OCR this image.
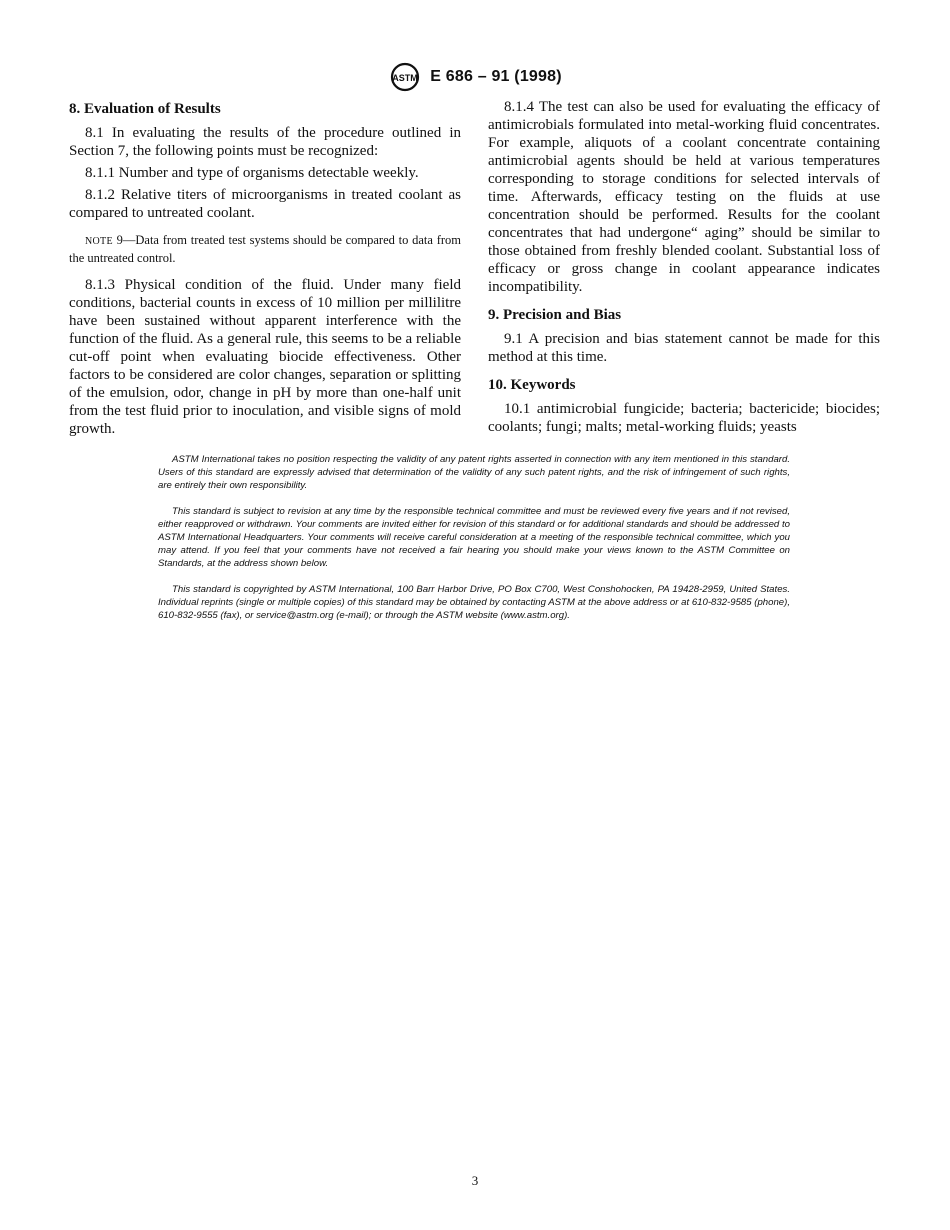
ASTM E 686 – 91 (1998)
8. Evaluation of Results

8.1 In evaluating the results of the procedure outlined in Section 7, the following points must be recognized:

8.1.1 Number and type of organisms detectable weekly.

8.1.2 Relative titers of microorganisms in treated coolant as compared to untreated coolant.

NOTE 9—Data from treated test systems should be compared to data from the untreated control.

8.1.3 Physical condition of the fluid. Under many field conditions, bacterial counts in excess of 10 million per millilitre have been sustained without apparent interference with the function of the fluid. As a general rule, this seems to be a reliable cut-off point when evaluating biocide effectiveness. Other factors to be considered are color changes, separation or splitting of the emulsion, odor, change in pH by more than one-half unit from the test fluid prior to inoculation, and visible signs of mold growth.

8.1.4 The test can also be used for evaluating the efficacy of antimicrobials formulated into metal-working fluid concentrates. For example, aliquots of a coolant concentrate containing antimicrobial agents should be held at various temperatures corresponding to storage conditions for selected intervals of time. Afterwards, efficacy testing on the fluids at use concentration should be performed. Results for the coolant concentrates that had undergone“ aging” should be similar to those obtained from freshly blended coolant. Substantial loss of efficacy or gross change in coolant appearance indicates incompatibility.

9. Precision and Bias

9.1 A precision and bias statement cannot be made for this method at this time.

10. Keywords

10.1 antimicrobial fungicide; bacteria; bactericide; biocides; coolants; fungi; malts; metal-working fluids; yeasts

ASTM International takes no position respecting the validity of any patent rights asserted in connection with any item mentioned in this standard. Users of this standard are expressly advised that determination of the validity of any such patent rights, and the risk of infringement of such rights, are entirely their own responsibility.

This standard is subject to revision at any time by the responsible technical committee and must be reviewed every five years and if not revised, either reapproved or withdrawn. Your comments are invited either for revision of this standard or for additional standards and should be addressed to ASTM International Headquarters. Your comments will receive careful consideration at a meeting of the responsible technical committee, which you may attend. If you feel that your comments have not received a fair hearing you should make your views known to the ASTM Committee on Standards, at the address shown below.

This standard is copyrighted by ASTM International, 100 Barr Harbor Drive, PO Box C700, West Conshohocken, PA 19428-2959, United States. Individual reprints (single or multiple copies) of this standard may be obtained by contacting ASTM at the above address or at 610-832-9585 (phone), 610-832-9555 (fax), or service@astm.org (e-mail); or through the ASTM website (www.astm.org).

3
